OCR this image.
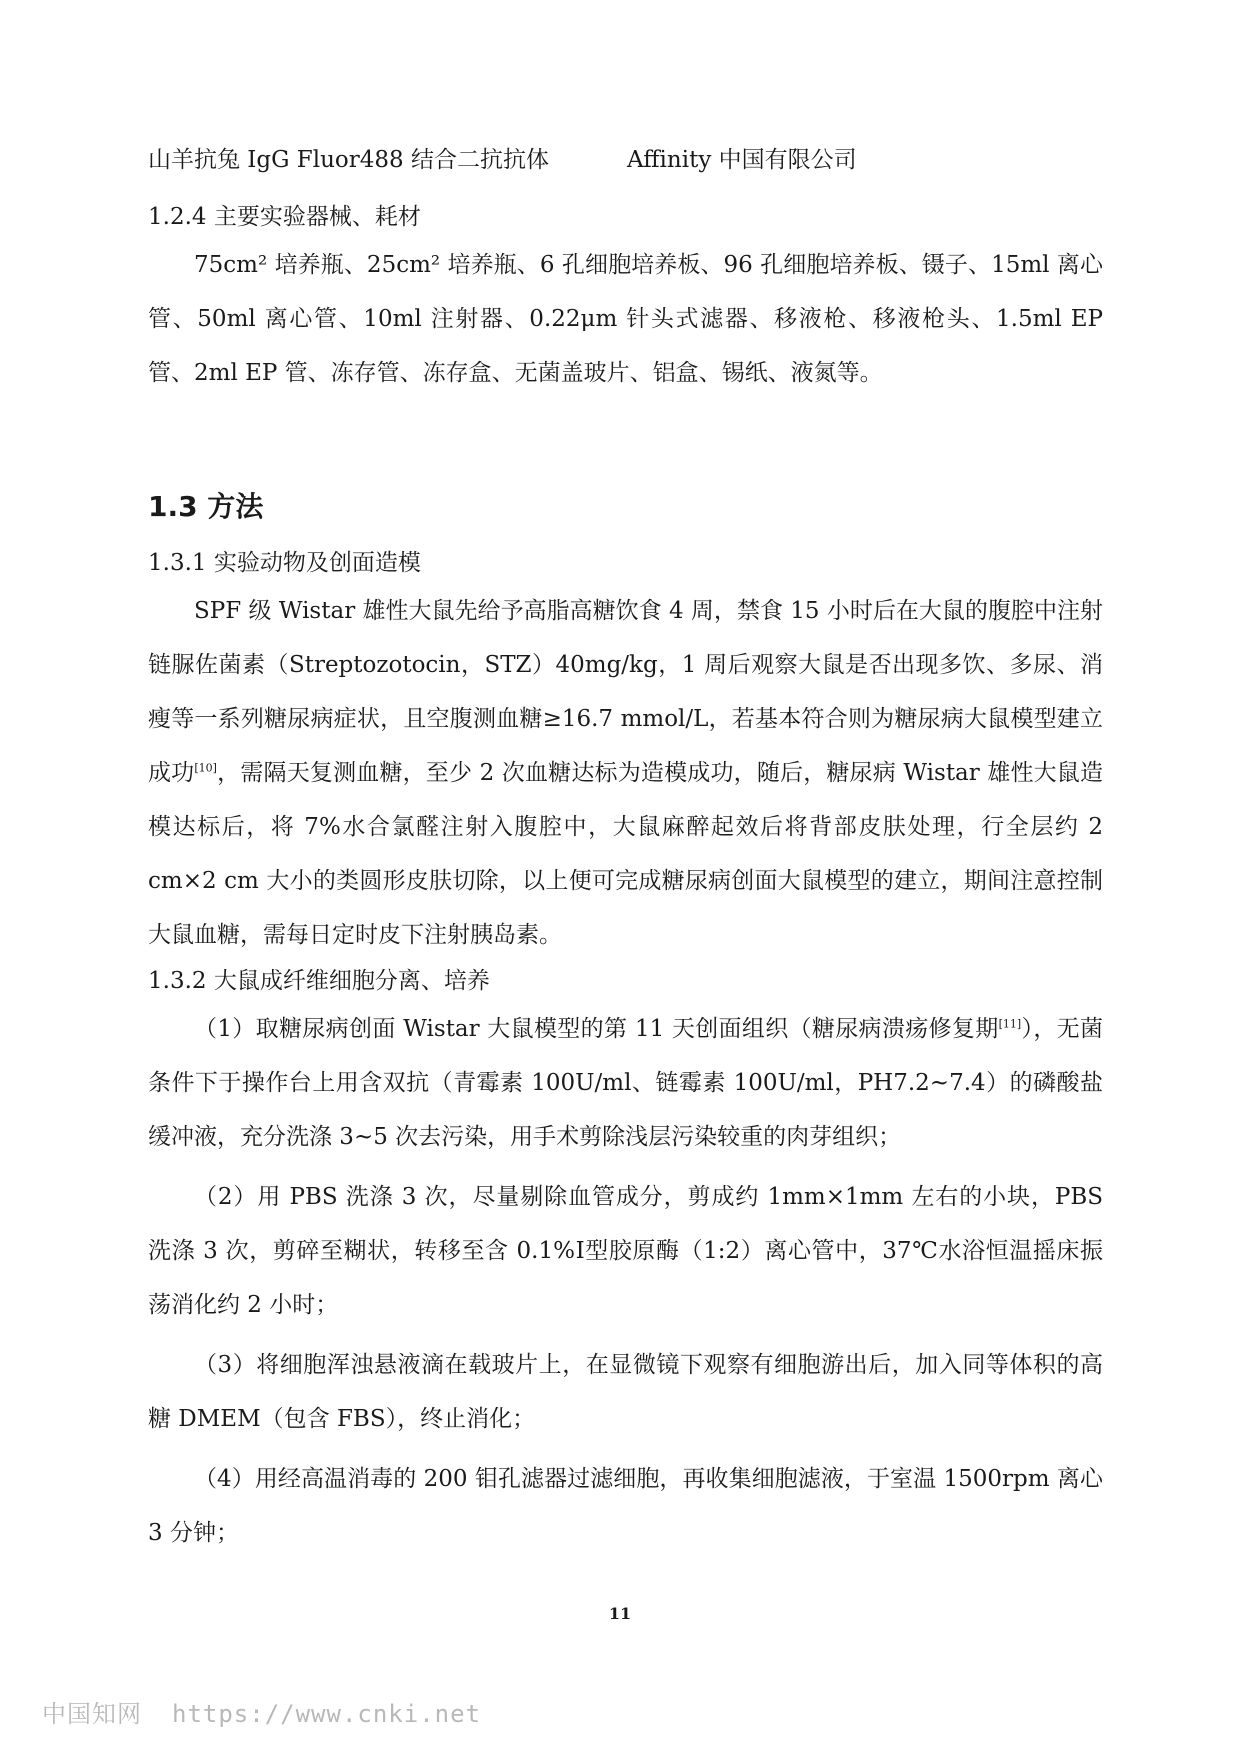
山羊抗兔 IgG Fluor488 结合二抗抗体	Affinity 中国有限公司
1.2.4 主要实验器械、耗材

75cm² 培养瓶、25cm² 培养瓶、6 孔细胞培养板、96 孔细胞培养板、镊子、15ml 离心管、50ml 离心管、10ml 注射器、0.22μm 针头式滤器、移液枪、移液枪头、1.5ml EP 管、2ml EP 管、冻存管、冻存盒、无菌盖玻片、铝盒、锡纸、液氮等。

1.3 方法
1.3.1 实验动物及创面造模

SPF 级 Wistar 雄性大鼠先给予高脂高糖饮食 4 周，禁食 15 小时后在大鼠的腹腔中注射链脲佐菌素（Streptozotocin，STZ）40mg/kg，1 周后观察大鼠是否出现多饮、多尿、消瘦等一系列糖尿病症状，且空腹测血糖≥16.7 mmol/L，若基本符合则为糖尿病大鼠模型建立成功[10]，需隔天复测血糖，至少 2 次血糖达标为造模成功，随后，糖尿病 Wistar 雄性大鼠造模达标后，将 7%水合氯醛注射入腹腔中，大鼠麻醉起效后将背部皮肤处理，行全层约 2 cm×2 cm 大小的类圆形皮肤切除，以上便可完成糖尿病创面大鼠模型的建立，期间注意控制大鼠血糖，需每日定时皮下注射胰岛素。

1.3.2 大鼠成纤维细胞分离、培养

（1）取糖尿病创面 Wistar 大鼠模型的第 11 天创面组织（糖尿病溃疡修复期[11]），无菌条件下于操作台上用含双抗（青霉素 100U/ml、链霉素 100U/ml，PH7.2~7.4）的磷酸盐缓冲液，充分洗涤 3~5 次去污染，用手术剪除浅层污染较重的肉芽组织；

（2）用 PBS 洗涤 3 次，尽量剔除血管成分，剪成约 1mm×1mm 左右的小块，PBS 洗涤 3 次，剪碎至糊状，转移至含 0.1%Ⅰ型胶原酶（1:2）离心管中，37℃水浴恒温摇床振荡消化约 2 小时；

（3）将细胞浑浊悬液滴在载玻片上，在显微镜下观察有细胞游出后，加入同等体积的高糖 DMEM（包含 FBS），终止消化；

（4）用经高温消毒的 200 钼孔滤器过滤细胞，再收集细胞滤液，于室温 1500rpm 离心 3 分钟；

11
中国知网 https://www.cnki.net
